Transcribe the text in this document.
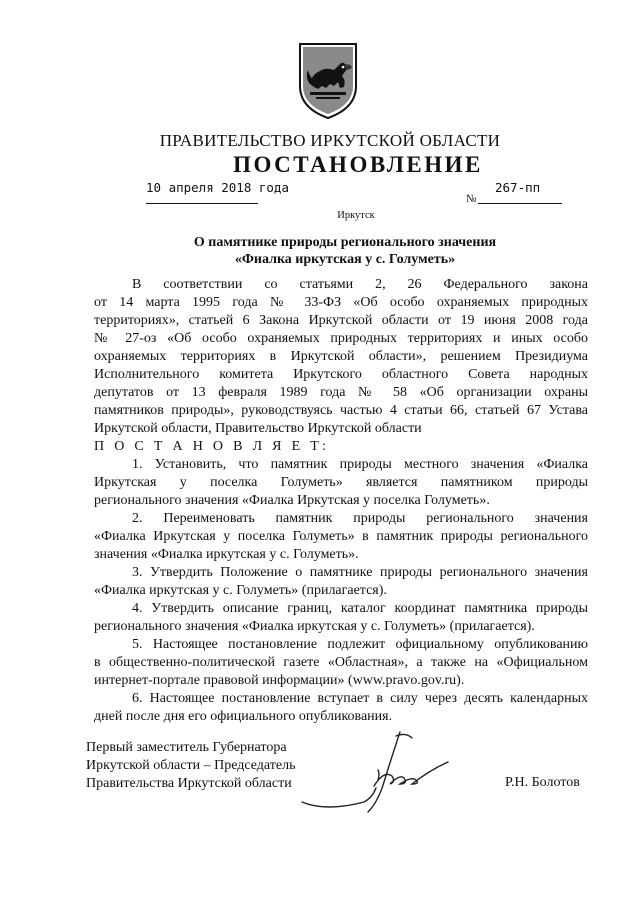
ПРАВИТЕЛЬСТВО ИРКУТСКОЙ ОБЛАСТИ
ПОСТАНОВЛЕНИЕ
10 апреля 2018 года
№
267-пп
Иркутск
О памятнике природы регионального значения
«Фиалка иркутская у с. Голуметь»
В соответствии со статьями 2, 26 Федерального закона
от 14 марта 1995 года № 33-ФЗ «Об особо охраняемых природных
территориях», статьей 6 Закона Иркутской области от 19 июня 2008 года
№ 27-оз «Об особо охраняемых природных территориях и иных особо
охраняемых территориях в Иркутской области», решением Президиума
Исполнительного комитета Иркутского областного Совета народных
депутатов от 13 февраля 1989 года № 58 «Об организации охраны
памятников природы», руководствуясь частью 4 статьи 66, статьей 67 Устава
Иркутской области, Правительство Иркутской области
П О С Т А Н О В Л Я Е Т:
1. Установить, что памятник природы местного значения «Фиалка
Иркутская у поселка Голуметь» является памятником природы
регионального значения «Фиалка Иркутская у поселка Голуметь».
2. Переименовать памятник природы регионального значения
«Фиалка Иркутская у поселка Голуметь» в памятник природы регионального
значения «Фиалка иркутская у с. Голуметь».
3. Утвердить Положение о памятнике природы регионального значения
«Фиалка иркутская у с. Голуметь» (прилагается).
4. Утвердить описание границ, каталог координат памятника природы
регионального значения «Фиалка иркутская у с. Голуметь» (прилагается).
5. Настоящее постановление подлежит официальному опубликованию
в общественно-политической газете «Областная», а также на «Официальном
интернет-портале правовой информации» (www.pravo.gov.ru).
6. Настоящее постановление вступает в силу через десять календарных
дней после дня его официального опубликования.
Первый заместитель Губернатора
Иркутской области – Председатель
Правительства Иркутской области	Р.Н. Болотов
